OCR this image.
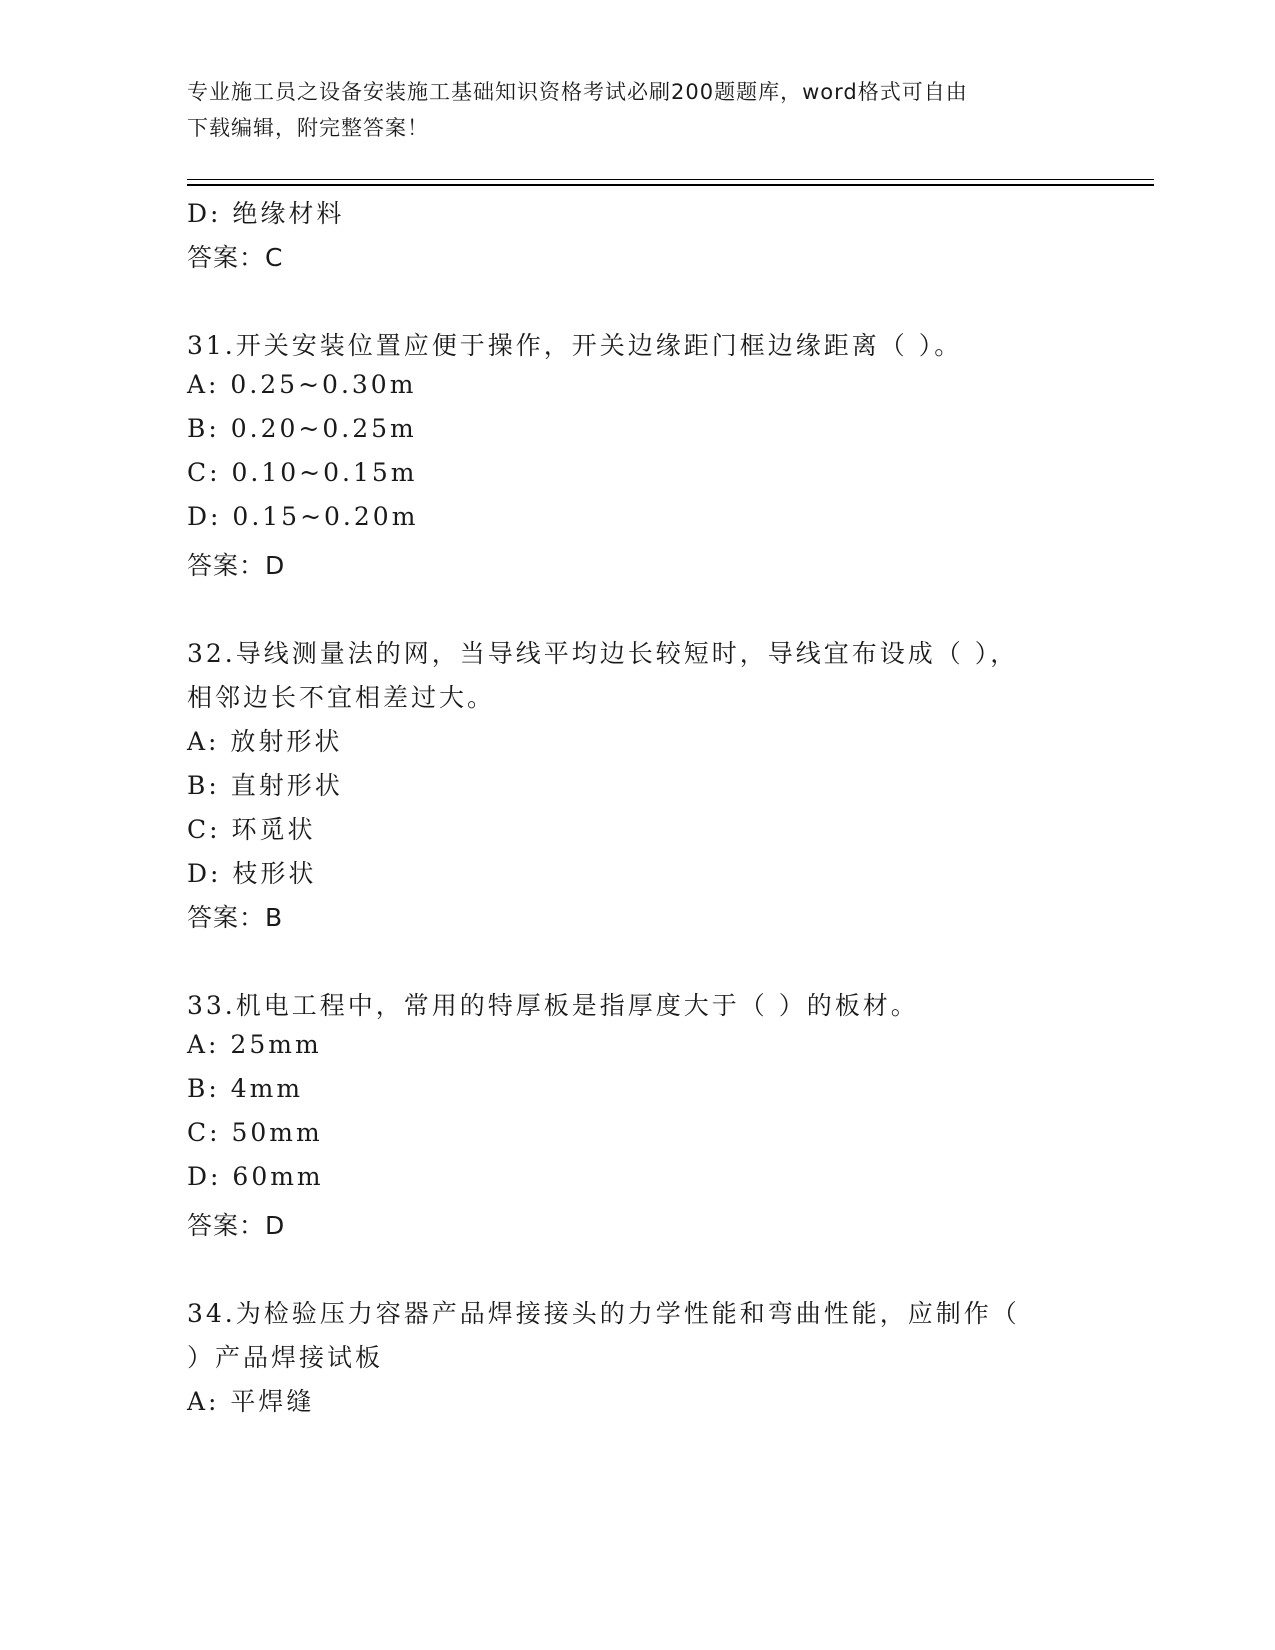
专业施工员之设备安装施工基础知识资格考试必刷200题题库，word格式可自由
下载编辑，附完整答案！
D: 绝缘材料
答案：C
31.开关安装位置应便于操作，开关边缘距门框边缘距离（ ）。
A: 0.25~0.30m
B: 0.20~0.25m
C: 0.10~0.15m
D: 0.15~0.20m
答案：D
32.导线测量法的网，当导线平均边长较短时，导线宜布设成（ ），
相邻边长不宜相差过大。
A: 放射形状
B: 直射形状
C: 环觅状
D: 枝形状
答案：B
33.机电工程中，常用的特厚板是指厚度大于（ ）的板材。
A: 25mm
B: 4mm
C: 50mm
D: 60mm
答案：D
34.为检验压力容器产品焊接接头的力学性能和弯曲性能，应制作（
）产品焊接试板
A: 平焊缝
